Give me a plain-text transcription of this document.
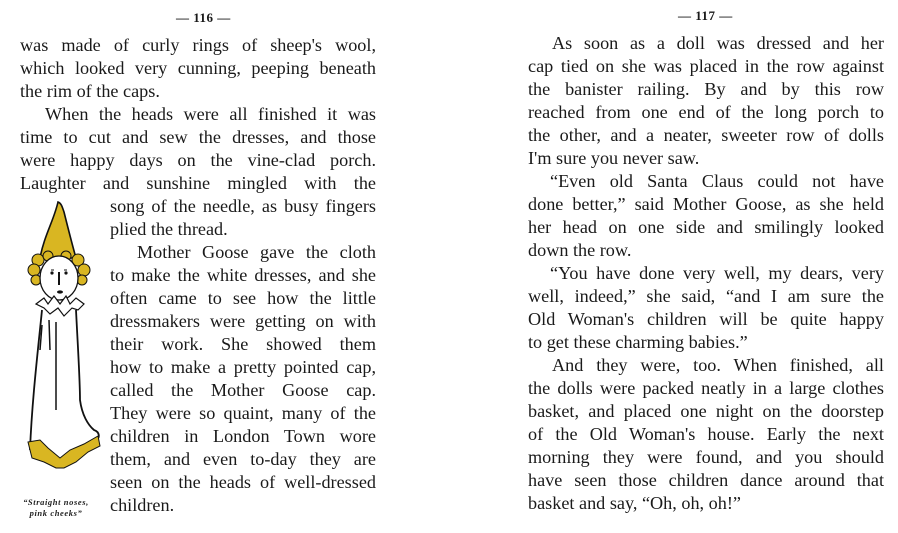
— 116 —
was made of curly rings of sheep's wool,
which looked very cunning, peeping beneath
the rim of the caps.
When the heads were all finished it was
time to cut and sew the dresses, and those
were happy days on the vine-clad porch.
Laughter and sunshine mingled with the
song of the needle, as busy fingers
plied the thread.
Mother Goose gave the cloth
to make the white dresses, and she
often came to see how the little
dressmakers were getting on with
their work. She showed them
how to make a pretty pointed cap,
called the Mother Goose cap.
They were so quaint, many of the
children in London Town wore
them, and even to-day they are
seen on the heads of well-dressed
children.
“Straight noses,
pink cheeks”
— 117 —
As soon as a doll was dressed and her
cap tied on she was placed in the row against
the banister railing. By and by this row
reached from one end of the long porch to
the other, and a neater, sweeter row of dolls
I'm sure you never saw.
“Even old Santa Claus could not have
done better,” said Mother Goose, as she held
her head on one side and smilingly looked
down the row.
“You have done very well, my dears, very
well, indeed,” she said, “and I am sure the
Old Woman's children will be quite happy
to get these charming babies.”
And they were, too. When finished, all
the dolls were packed neatly in a large clothes
basket, and placed one night on the doorstep
of the Old Woman's house. Early the next
morning they were found, and you should
have seen those children dance around that
basket and say, “Oh, oh, oh!”
